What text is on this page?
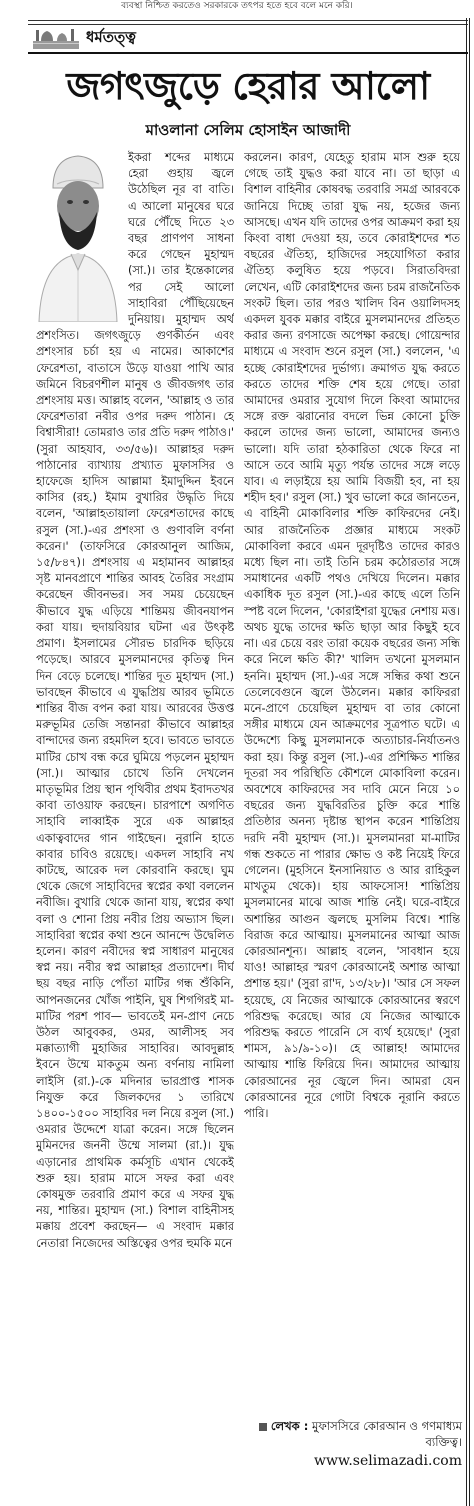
ব্যবস্থা নিশ্চিত করতেও সরকারকে তৎপর হতে হবে বলে মনে করি।
ধর্মতত্ত্ব
জগৎজুড়ে হেরার আলো
মাওলানা সেলিম হোসাইন আজাদী

ইকরা শব্দের মাধ্যমে হেরা গুহায় জ্বলে উঠেছিল নূর বা বাতি। এ আলো মানুষের ঘরে ঘরে পৌঁছে দিতে ২৩ বছর প্রাণপণ সাধনা করে গেছেন মুহাম্মদ (সা.)। তার ইন্তেকালের পর সেই আলো সাহাবিরা পৌঁছিয়েছেন দুনিয়ায়। মুহাম্মদ অর্থ প্রশংসিত। জগৎজুড়ে গুণকীর্তন এবং প্রশংসার চর্চা হয় এ নামের। আকাশের ফেরেশতা, বাতাসে উড়ে যাওয়া পাখি আর জমিনে বিচরণশীল মানুষ ও জীবজগৎ তার প্রশংসায় মত্ত। আল্লাহ বলেন, 'আল্লাহ ও তার ফেরেশতারা নবীর ওপর দরুদ পাঠান। হে বিশ্বাসীরা! তোমরাও তার প্রতি দরুদ পাঠাও।' (সুরা আহযাব, ৩৩/৫৬)। আল্লাহর দরুদ পাঠানোর ব্যাখ্যায় প্রখ্যাত মুফাসসির ও হাফেজে হাদিস আল্লামা ইমাদুদ্দিন ইবনে কাসির (রহ.) ইমাম বুখারির উদ্ধৃতি দিয়ে বলেন, 'আল্লাহতায়ালা ফেরেশতাদের কাছে রসুল (সা.)-এর প্রশংসা ও গুণাবলি বর্ণনা করেন।' (তাফসিরে কোরআনুল আজিম, ১৫/৮৪৭)। প্রশংসায় এ মহামানব আল্লাহর সৃষ্ট মানবপ্রাণে শান্তির আবহ তৈরির সংগ্রাম করেছেন জীবনভর। সব সময় চেয়েছেন কীভাবে যুদ্ধ এড়িয়ে শান্তিময় জীবনযাপন করা যায়। হুদায়বিয়ার ঘটনা এর উৎকৃষ্ট প্রমাণ। ইসলামের সৌরভ চারদিক ছড়িয়ে পড়েছে। আরবে মুসলমানদের কৃতিত্ব দিন দিন বেড়ে চলেছে। শান্তির দূত মুহাম্মদ (সা.) ভাবছেন কীভাবে এ যুদ্ধপ্রিয় আরব ভূমিতে শান্তির বীজ বপন করা যায়। আরবের উত্তপ্ত মরুভূমির তেজি সন্তানরা কীভাবে আল্লাহর বান্দাদের জন্য রহমদিল হবে। ভাবতে ভাবতে মাটির চোখ বন্ধ করে ঘুমিয়ে পড়লেন মুহাম্মদ (সা.)। আত্মার চোখে তিনি দেখলেন মাতৃভূমির প্রিয় স্থান পৃথিবীর প্রথম ইবাদতখর কাবা তাওয়াফ করছেন। চারপাশে অগণিত সাহাবি লাব্বাইক সুরে এক আল্লাহর একাত্ববাদের গান গাইছেন। নুরানি হাতে কাবার চাবিও রয়েছে। একদল সাহাবি নখ কাটছে, আরেক দল কোরবানি করছে। ঘুম থেকে জেগে সাহাবিদের স্বপ্নের কথা বললেন নবীজি। বুখারি থেকে জানা যায়, স্বপ্নের কথা বলা ও শোনা প্রিয় নবীর প্রিয় অভ্যাস ছিল। সাহাবিরা স্বপ্নের কথা শুনে আনন্দে উদ্বেলিত হলেন। কারণ নবীদের স্বপ্ন সাধারণ মানুষের স্বপ্ন নয়। নবীর স্বপ্ন আল্লাহর প্রত্যাদেশ। দীর্ঘ ছয় বছর নাড়ি পোঁতা মাটির গন্ধ শুঁকিনি, আপনজনের খোঁজ পাইনি, ঘুষ শিগগিরই মা-মাটির পরশ পাব— ভাবতেই মন-প্রাণ নেচে উঠল আবুবকর, ওমর, আলীসহ সব মক্কাত্যাগী মুহাজির সাহাবির। আবদুল্লাহ ইবনে উম্মে মাকতুম অন্য বর্ণনায় নামিলা লাইসি (রা.)-কে মদিনার ভারপ্রাপ্ত শাসক নিযুক্ত করে জিলকদের ১ তারিখে ১৪০০-১৫০০ সাহাবির দল নিয়ে রসুল (সা.) ওমরার উদ্দেশে যাত্রা করেন। সঙ্গে ছিলেন মুমিনদের জননী উম্মে সালমা (রা.)। যুদ্ধ এড়ানোর প্রাথমিক কর্মসূচি এখান থেকেই শুরু হয়। হারাম মাসে সফর করা এবং কোষমুক্ত তরবারি প্রমাণ করে এ সফর যুদ্ধ নয়, শান্তির। মুহাম্মদ (সা.) বিশাল বাহিনীসহ মক্কায় প্রবেশ করছেন— এ সংবাদ মক্কার নেতারা নিজেদের অস্তিত্বের ওপর হুমকি মনে

করলেন। কারণ, যেহেতু হারাম মাস শুরু হয়ে গেছে তাই যুদ্ধও করা যাবে না। তা ছাড়া এ বিশাল বাহিনীর কোষবদ্ধ তরবারি সমগ্র আরবকে জানিয়ে দিচ্ছে তারা যুদ্ধ নয়, হজের জন্য আসছে। এখন যদি তাদের ওপর আক্রমণ করা হয় কিংবা বাধা দেওয়া হয়, তবে কোরাইশদের শত বছরের ঐতিহ্য, হাজিদের সহযোগিতা করার ঐতিহ্য কলুষিত হয়ে পড়বে। সিরাতবিদরা লেখেন, এটি কোরাইশদের জন্য চরম রাজনৈতিক সংকট ছিল। তার পরও খালিদ বিন ওয়ালিদসহ একদল যুবক মক্কার বাইরে মুসলমানদের প্রতিহত করার জন্য রণসাজে অপেক্ষা করছে। গোয়েন্দার মাধ্যমে এ সংবাদ শুনে রসুল (সা.) বললেন, 'এ হচ্ছে কোরাইশদের দুর্ভাগ্য। ক্রমাগত যুদ্ধ করতে করতে তাদের শক্তি শেষ হয়ে গেছে। তারা আমাদের ওমরার সুযোগ দিলে কিংবা আমাদের সঙ্গে রক্ত ঝরানোর বদলে ভিন্ন কোনো চুক্তি করলে তাদের জন্য ভালো, আমাদের জন্যও ভালো। যদি তারা হঠকারিতা থেকে ফিরে না আসে তবে আমি মৃত্যু পর্যন্ত তাদের সঙ্গে লড়ে যাব। এ লড়াইয়ে হয় আমি বিজয়ী হব, না হয় শহীদ হব।' রসুল (সা.) খুব ভালো করে জানতেন, এ বাহিনী মোকাবিলার শক্তি কাফিরদের নেই। আর রাজনৈতিক প্রজ্ঞার মাধ্যমে সংকট মোকাবিলা করবে এমন দূরদৃষ্টিও তাদের কারও মধ্যে ছিল না। তাই তিনি চরম কঠোরতার সঙ্গে সমাধানের একটি পথও দেখিয়ে দিলেন। মক্কার একাধিক দূত রসুল (সা.)-এর কাছে এলে তিনি স্পষ্ট বলে দিলেন, 'কোরাইশরা যুদ্ধের নেশায় মত্ত। অথচ যুদ্ধে তাদের ক্ষতি ছাড়া আর কিছুই হবে না। এর চেয়ে বরং তারা কয়েক বছরের জন্য সন্ধি করে নিলে ক্ষতি কী?' খালিদ তখনো মুসলমান হননি। মুহাম্মদ (সা.)-এর সঙ্গে সন্ধির কথা শুনে তেলেবেগুনে জ্বলে উঠলেন। মক্কার কাফিররা মনে-প্রাণে চেয়েছিল মুহাম্মদ বা তার কোনো সঙ্গীর মাধ্যমে যেন আক্রমণের সূত্রপাত ঘটে। এ উদ্দেশ্যে কিছু মুসলমানকে অত্যাচার-নির্যাতনও করা হয়। কিন্তু রসুল (সা.)-এর প্রশিক্ষিত শান্তির দূতরা সব পরিস্থিতি কৌশলে মোকাবিলা করেন। অবশেষে কাফিরদের সব দাবি মেনে নিয়ে ১০ বছরের জন্য যুদ্ধবিরতির চুক্তি করে শান্তি প্রতিষ্ঠার অনন্য দৃষ্টান্ত স্থাপন করেন শান্তিপ্রিয় দরদি নবী মুহাম্মদ (সা.)। মুসলমানরা মা-মাটির গন্ধ শুকতে না পারার ক্ষোভ ও কষ্ট নিয়েই ফিরে গেলেন। (মুহসিনে ইনসানিয়াত ও আর রাহিকুল মাখতুম থেকে)। হায় আফসোস! শান্তিপ্রিয় মুসলমানের মাঝে আজ শান্তি নেই। ঘরে-বাইরে অশান্তির আগুন জ্বলছে মুসলিম বিশ্বে। শান্তি বিরাজ করে আত্মায়। মুসলমানের আত্মা আজ কোরআনশূন্য। আল্লাহ বলেন, 'সাবধান হয়ে যাও! আল্লাহর স্মরণ কোরআনেই অশান্ত আত্মা প্রশান্ত হয়।' (সুরা রা'দ, ১৩/২৮)। 'আর সে সফল হয়েছে, যে নিজের আত্মাকে কোরআনের স্বরণে পরিশুদ্ধ করেছে। আর যে নিজের আত্মাকে পরিশুদ্ধ করতে পারেনি সে ব্যর্থ হয়েছে।' (সুরা শামস, ৯১/৯-১০)। হে আল্লাহ! আমাদের আত্মায় শান্তি ফিরিয়ে দিন। আমাদের আত্মায় কোরআনের নূর জ্বেলে দিন। আমরা যেন কোরআনের নূরে গোটা বিশ্বকে নূরানি করতে পারি।

লেখক : মুফাসসিরে কোরআন ও গণমাধ্যম ব্যক্তিত্ব।
www.selimazadi.com
